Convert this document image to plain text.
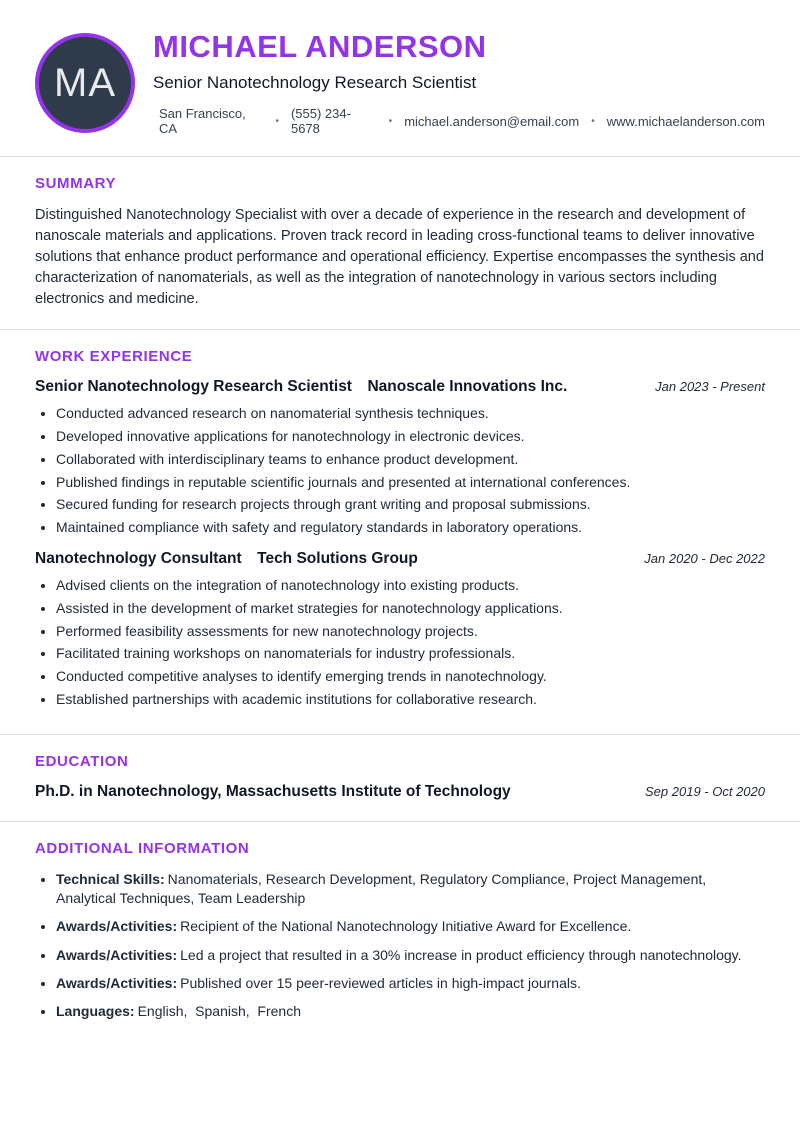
MA
MICHAEL ANDERSON
Senior Nanotechnology Research Scientist
San Francisco, CA	• (555) 234-5678	• michael.anderson@email.com • www.michaelanderson.com
SUMMARY

Distinguished Nanotechnology Specialist with over a decade of experience in the research and development of nanoscale materials and applications. Proven track record in leading cross-functional teams to deliver innovative solutions that enhance product performance and operational efficiency. Expertise encompasses the synthesis and characterization of nanomaterials, as well as the integration of nanotechnology in various sectors including electronics and medicine.

WORK EXPERIENCE
Senior Nanotechnology Research Scientist Nanoscale Innovations Inc.	Jan 2023 - Present
• Conducted advanced research on nanomaterial synthesis techniques.
• Developed innovative applications for nanotechnology in electronic devices.
• Collaborated with interdisciplinary teams to enhance product development.
• Published findings in reputable scientific journals and presented at international conferences.
• Secured funding for research projects through grant writing and proposal submissions.
• Maintained compliance with safety and regulatory standards in laboratory operations.
Nanotechnology Consultant Tech Solutions Group	Jan 2020 - Dec 2022
• Advised clients on the integration of nanotechnology into existing products.
• Assisted in the development of market strategies for nanotechnology applications.
• Performed feasibility assessments for new nanotechnology projects.
• Facilitated training workshops on nanomaterials for industry professionals.
• Conducted competitive analyses to identify emerging trends in nanotechnology.
• Established partnerships with academic institutions for collaborative research.
EDUCATION
Ph.D. in Nanotechnology, Massachusetts Institute of Technology	Sep 2019 - Oct 2020
ADDITIONAL INFORMATION
• Technical Skills: Nanomaterials, Research Development, Regulatory Compliance, Project Management, Analytical Techniques, Team Leadership
• Awards/Activities: Recipient of the National Nanotechnology Initiative Award for Excellence.
• Awards/Activities: Led a project that resulted in a 30% increase in product efficiency through nanotechnology.
• Awards/Activities: Published over 15 peer-reviewed articles in high-impact journals.
• Languages: English,  Spanish,  French
